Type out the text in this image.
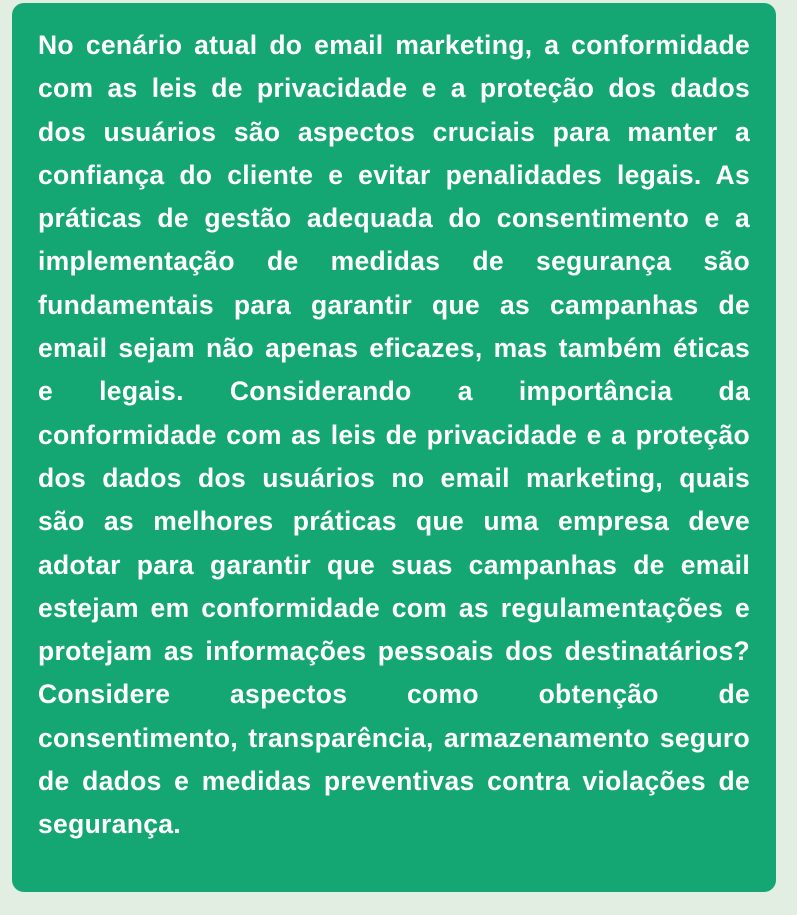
No cenário atual do email marketing, a conformidade com as leis de privacidade e a proteção dos dados dos usuários são aspectos cruciais para manter a confiança do cliente e evitar penalidades legais. As práticas de gestão adequada do consentimento e a implementação de medidas de segurança são fundamentais para garantir que as campanhas de email sejam não apenas eficazes, mas também éticas e legais. Considerando a importância da conformidade com as leis de privacidade e a proteção dos dados dos usuários no email marketing, quais são as melhores práticas que uma empresa deve adotar para garantir que suas campanhas de email estejam em conformidade com as regulamentações e protejam as informações pessoais dos destinatários? Considere aspectos como obtenção de consentimento, transparência, armazenamento seguro de dados e medidas preventivas contra violações de segurança.
